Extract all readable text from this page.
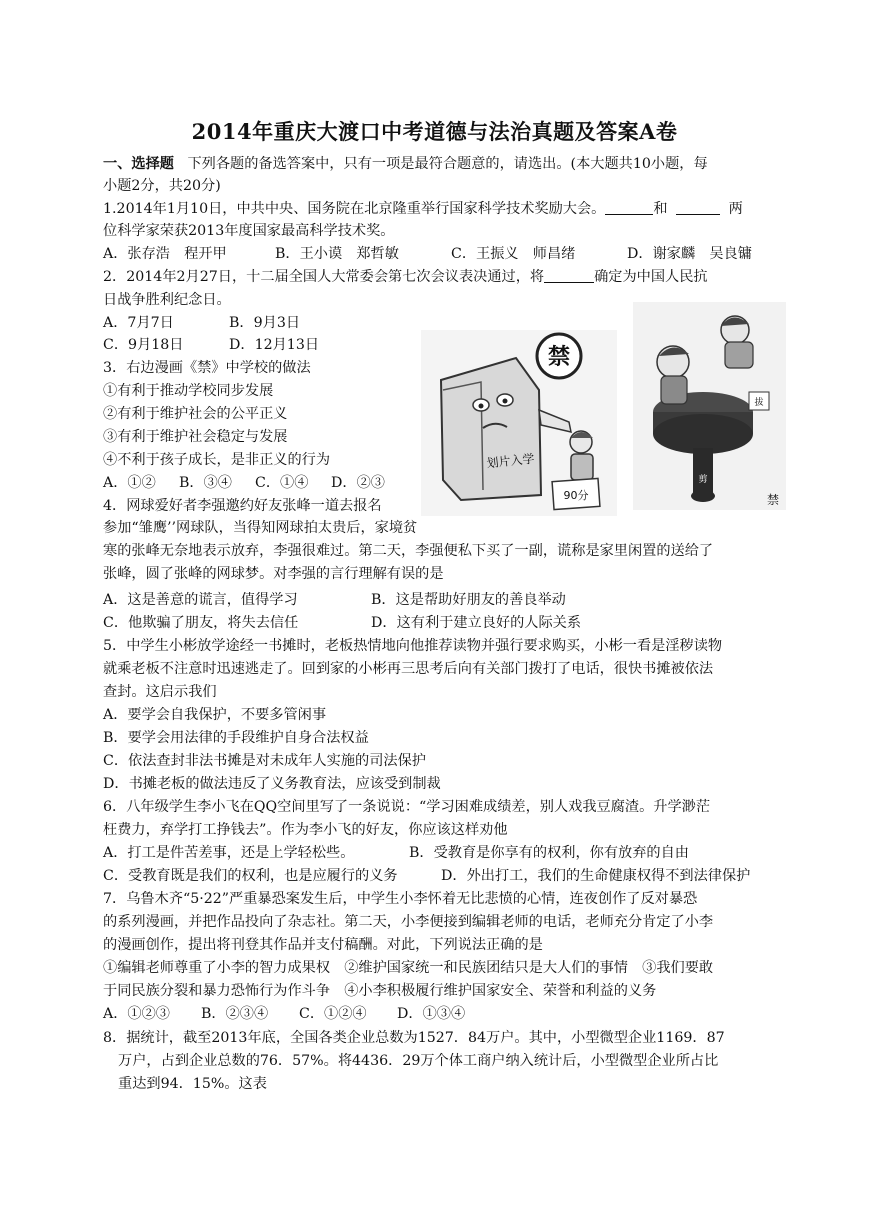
2014年重庆大渡口中考道德与法治真题及答案A卷
一、选择题 下列各题的备选答案中，只有一项是最符合题意的，请选出。(本大题共10小题，每
小题2分，共20分)
1.2014年1月10日，中共中央、国务院在北京隆重举行国家科学技术奖励大会。	和	两
位科学家荣获2013年度国家最高科学技术奖。
A．张存浩　程开甲	B．王小谟　郑哲敏	C．王振义　师昌绪	D．谢家麟　吴良镛
2．2014年2月27日，十二届全国人大常委会第七次会议表决通过，将	确定为中国人民抗
日战争胜利纪念日。
A．7月7日	B．9月3日
C．9月18日	D．12月13日
3．右边漫画《禁》中学校的做法
①有利于推动学校同步发展
②有利于维护社会的公平正义
③有利于维护社会稳定与发展
④不利于孩子成长，是非正义的行为
A．①② B．③④ C．①④ D．②③
禁
划片入学
90分
剪
拔
禁
4．网球爱好者李强邀约好友张峰一道去报名
参加“雏鹰’’网球队，当得知网球拍太贵后，家境贫
寒的张峰无奈地表示放弃，李强很难过。第二天，李强便私下买了一副，谎称是家里闲置的送给了
张峰，圆了张峰的网球梦。对李强的言行理解有误的是
A．这是善意的谎言，值得学习	B．这是帮助好朋友的善良举动
C．他欺骗了朋友，将失去信任	D．这有利于建立良好的人际关系
5．中学生小彬放学途经一书摊时，老板热情地向他推荐读物并强行要求购买，小彬一看是淫秽读物
就乘老板不注意时迅速逃走了。回到家的小彬再三思考后向有关部门拨打了电话，很快书摊被依法
查封。这启示我们
A．要学会自我保护，不要多管闲事
B．要学会用法律的手段维护自身合法权益
C．依法查封非法书摊是对未成年人实施的司法保护
D．书摊老板的做法违反了义务教育法，应该受到制裁
6．八年级学生李小飞在QQ空间里写了一条说说：“学习困难成绩差，别人戏我豆腐渣。升学渺茫
枉费力，弃学打工挣钱去”。作为李小飞的好友，你应该这样劝他
A．打工是件苦差事，还是上学轻松些。	B．受教育是你享有的权利，你有放弃的自由
C．受教育既是我们的权利，也是应履行的义务	D．外出打工，我们的生命健康权得不到法律保护
7．乌鲁木齐“5·22”严重暴恐案发生后，中学生小李怀着无比悲愤的心情，连夜创作了反对暴恐
的系列漫画，并把作品投向了杂志社。第二天，小李便接到编辑老师的电话，老师充分肯定了小李
的漫画创作，提出将刊登其作品并支付稿酬。对此，下列说法正确的是
①编辑老师尊重了小李的智力成果权　②维护国家统一和民族团结只是大人们的事情　③我们要敢
于同民族分裂和暴力恐怖行为作斗争　④小李积极履行维护国家安全、荣誉和利益的义务
A．①②③ B．②③④ C．①②④ D．①③④
8．据统计，截至2013年底，全国各类企业总数为1527．84万户。其中，小型微型企业1169．87
万户，占到企业总数的76．57%。将4436．29万个体工商户纳入统计后，小型微型企业所占比
重达到94．15%。这表
